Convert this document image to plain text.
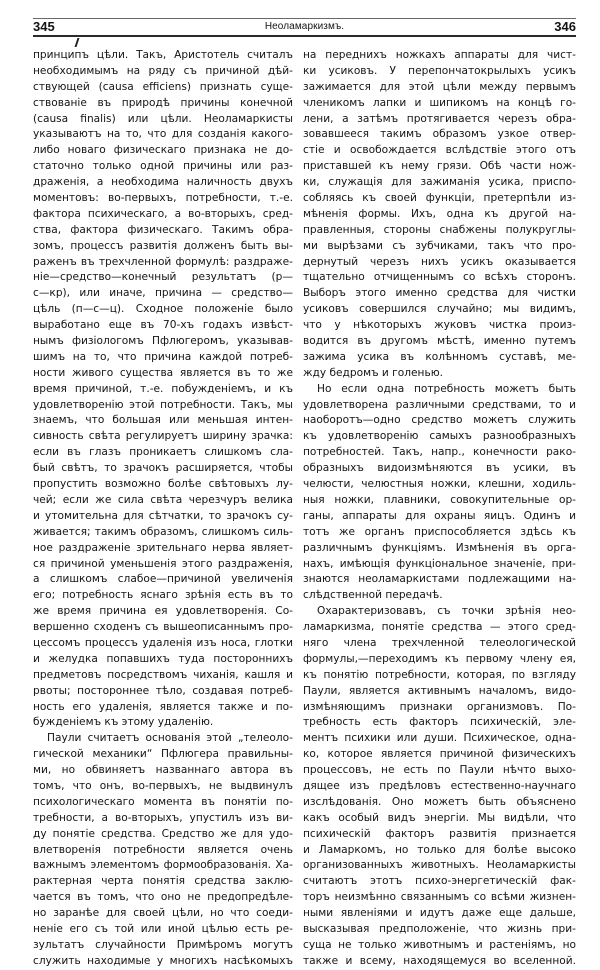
345	Неоламаркизмъ.	346
принципъ цѣли. Такъ, Аристотель считалъ
необходимымъ на ряду съ причиной дѣй-
ствующей (causa efficiens) признать суще-
ствованіе въ природѣ причины конечной
(causa finalis) или цѣли. Неоламаркисты
указываютъ на то, что для созданія какого-
либо новаго физическаго признака не до-
статочно только одной причины или раз-
драженія, а необходима наличность двухъ
моментовъ: во-первыхъ, потребности, т.-е.
фактора психическаго, а во-вторыхъ, сред-
ства, фактора физическаго. Такимъ обра-
зомъ, процессъ развитія долженъ быть вы-
раженъ въ трехчленной формулѣ: раздраже-
ніе—средство—конечный результатъ (р—
с—кр), или иначе, причина — средство—
цѣль (п—с—ц). Сходное положеніе было
выработано еще въ 70-хъ годахъ извѣст-
нымъ физіологомъ Пфлюгеромъ, указывав-
шимъ на то, что причина каждой потреб-
ности живого существа является въ то же
время причиной, т.-е. побужденіемъ, и къ
удовлетворенію этой потребности. Такъ, мы
знаемъ, что большая или меньшая интен-
сивность свѣта регулируетъ ширину зрачка:
если въ глазъ проникаетъ слишкомъ сла-
бый свѣтъ, то зрачокъ расширяется, чтобы
пропустить возможно болѣе свѣтовыхъ лу-
чей; если же сила свѣта черезчуръ велика
и утомительна для сѣтчатки, то зрачокъ су-
живается; такимъ образомъ, слишкомъ силь-
ное раздраженіе зрительнаго нерва являет-
ся причиной уменьшенія этого раздраженія,
а слишкомъ слабое—причиной увеличенія
его; потребность яснаго зрѣнія есть въ то
же время причина ея удовлетворенія. Со-
вершенно сходенъ съ вышеописаннымъ про-
цессомъ процессъ удаленія изъ носа, глотки
и желудка попавшихъ туда постороннихъ
предметовъ посредствомъ чиханія, кашля и
рвоты; постороннее тѣло, создавая потреб-
ность его удаленія, является также и по-
бужденіемъ къ этому удаленію.
Паули считаетъ основанія этой „телеоло-
гической механики“ Пфлюгера правильны-
ми, но обвиняетъ названнаго автора въ
томъ, что онъ, во-первыхъ, не выдвинулъ
психологическаго момента въ понятіи по-
требности, а во-вторыхъ, упустилъ изъ ви-
ду понятіе средства. Средство же для удо-
влетворенія потребности является очень
важнымъ элементомъ формообразованія. Ха-
рактерная черта понятія средства заклю-
чается въ томъ, что оно не предопредѣле-
но заранѣе для своей цѣли, но что соеди-
неніе его съ той или иной цѣлью есть ре-
зультатъ случайности Примѣромъ могутъ
служить находимые у многихъ насѣкомыхъ
на переднихъ ножкахъ аппараты для чист-
ки усиковъ. У перепончатокрылыхъ усикъ
зажимается для этой цѣли между первымъ
членикомъ лапки и шипикомъ на концѣ го-
лени, а затѣмъ протягивается черезъ обра-
зовавшееся такимъ образомъ узкое отвер-
стіе и освобождается вслѣдствіе этого отъ
приставшей къ нему грязи. Обѣ части нож-
ки, служащія для зажиманія усика, приспо-
собляясь къ своей функціи, претерпѣли из-
мѣненія формы. Ихъ, одна къ другой на-
правленныя, стороны снабжены полукруглы-
ми вырѣзами съ зубчиками, такъ что про-
дернутый черезъ нихъ усикъ оказывается
тщательно отчищеннымъ со всѣхъ сторонъ.
Выборъ этого именно средства для чистки
усиковъ совершился случайно; мы видимъ,
что у нѣкоторыхъ жуковъ чистка произ-
водится въ другомъ мѣстѣ, именно путемъ
зажима усика въ колѣнномъ суставѣ, ме-
жду бедромъ и голенью.
Но если одна потребность можетъ быть
удовлетворена различными средствами, то и
наоборотъ—одно средство можетъ служить
къ удовлетворенію самыхъ разнообразныхъ
потребностей. Такъ, напр., конечности рако-
образныхъ видоизмѣняются въ усики, въ
челюсти, челюстныя ножки, клешни, ходиль-
ныя ножки, плавники, совокупительные ор-
ганы, аппараты для охраны яицъ. Одинъ и
тотъ же органъ приспособляется здѣсь къ
различнымъ функціямъ. Измѣненія въ орга-
нахъ, имѣющія функціональное значеніе, при-
знаются неоламаркистами подлежащими на-
слѣдственной передачѣ.
Охарактеризовавъ, съ точки зрѣнія нео-
ламаркизма, понятіе средства — этого сред-
няго члена трехчленной телеологической
формулы,—переходимъ къ первому члену ея,
къ понятію потребности, которая, по взгляду
Паули, является активнымъ началомъ, видо-
измѣняющимъ признаки организмовъ. По-
требность есть факторъ психическій, эле-
ментъ психики или души. Психическое, одна-
ко, которое является причиной физическихъ
процессовъ, не есть по Паули нѣчто выхо-
дящее изъ предѣловъ естественно-научнаго
изслѣдованія. Оно можетъ быть объяснено
какъ особый видъ энергіи. Мы видѣли, что
психическій факторъ развитія признается
и Ламаркомъ, но только для болѣе высоко
организованныхъ животныхъ. Неоламаркисты
считаютъ этотъ психо-энергетическій фак-
торъ неизмѣнно связаннымъ со всѣми жизнен-
ными явленіями и идутъ даже еще дальше,
высказывая предположеніе, что жизнь при-
суща не только животнымъ и растеніямъ, но
также и всему, находящемуся во вселенной.
